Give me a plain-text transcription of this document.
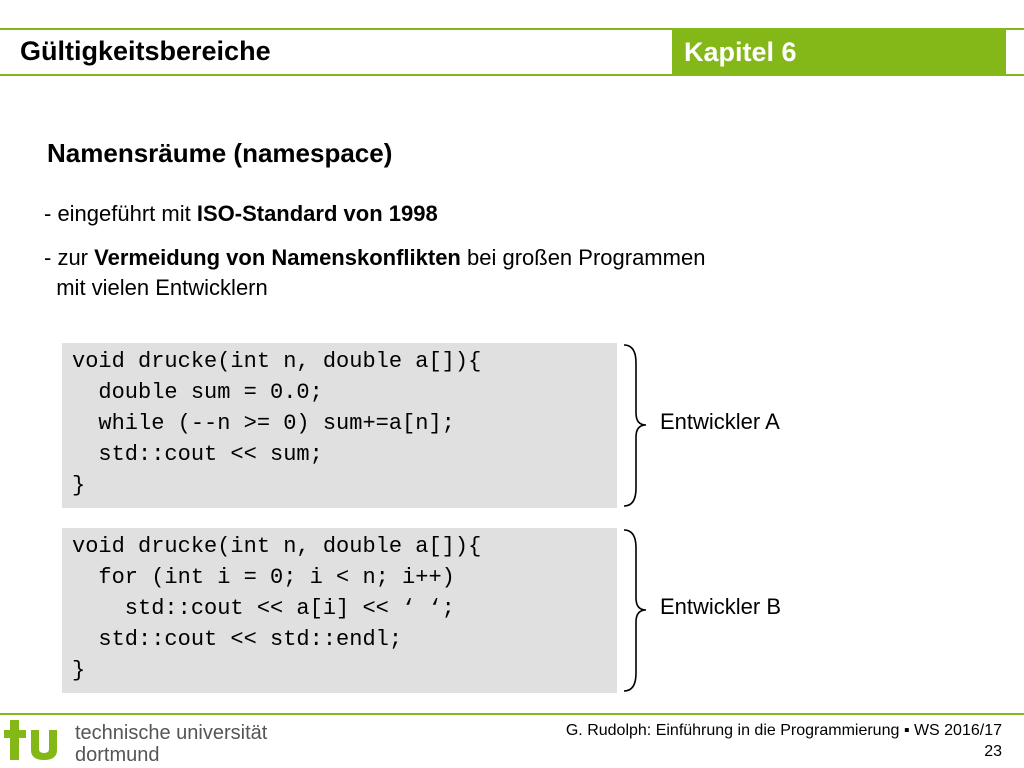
Gültigkeitsbereiche	Kapitel 6
Namensräume (namespace)
- eingeführt mit ISO-Standard von 1998
- zur Vermeidung von Namenskonflikten bei großen Programmen
mit vielen Entwicklern
void drucke(int n, double a[]){
double sum = 0.0;
while (--n >= 0) sum+=a[n];
std::cout << sum;
}
Entwickler A
void drucke(int n, double a[]){
for (int i = 0; i < n; i++)
std::cout << a[i] << ‘ ‘;
std::cout << std::endl;
}
Entwickler B
technische universität
dortmund
G. Rudolph: Einführung in die Programmierung ▪ WS 2016/17
23
